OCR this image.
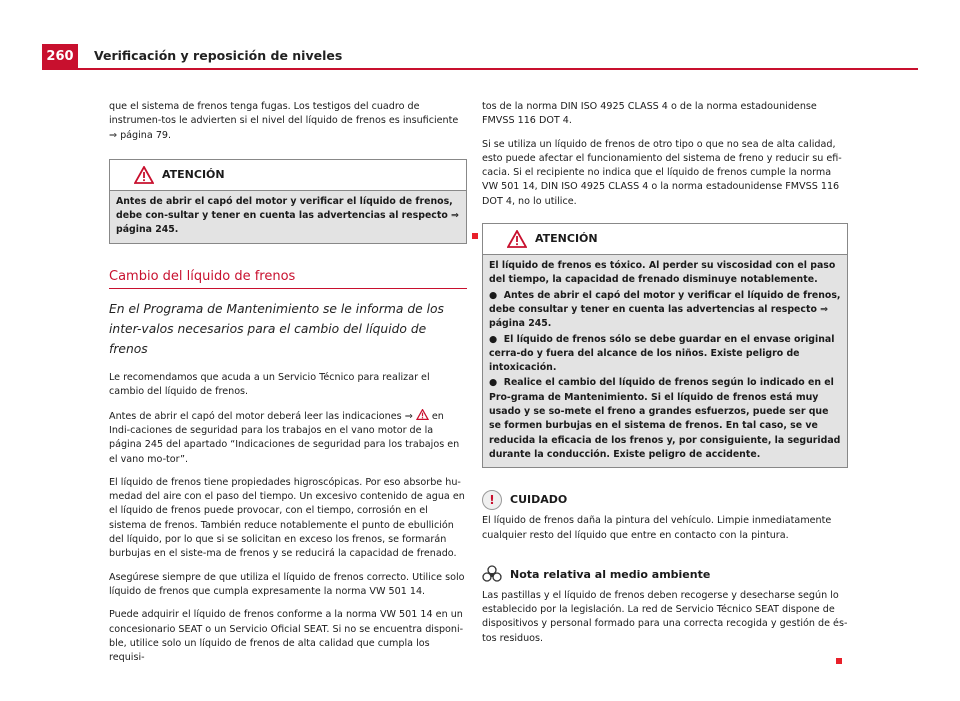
260	Verificación y reposición de niveles

que el sistema de frenos tenga fugas. Los testigos del cuadro de instrumen-tos le advierten si el nivel del líquido de frenos es insuficiente ⇒ página 79.

ATENCIÓN

Antes de abrir el capó del motor y verificar el líquido de frenos, debe con-sultar y tener en cuenta las advertencias al respecto ⇒ página 245.

Cambio del líquido de frenos
En el Programa de Mantenimiento se le informa de los inter-valos necesarios para el cambio del líquido de frenos

Le recomendamos que acuda a un Servicio Técnico para realizar el cambio del líquido de frenos.

Antes de abrir el capó del motor deberá leer las indicaciones ⇒ en Indi-caciones de seguridad para los trabajos en el vano motor de la página 245 del apartado “Indicaciones de seguridad para los trabajos en el vano mo-tor”.

El líquido de frenos tiene propiedades higroscópicas. Por eso absorbe hu-medad del aire con el paso del tiempo. Un excesivo contenido de agua en el líquido de frenos puede provocar, con el tiempo, corrosión en el sistema de frenos. También reduce notablemente el punto de ebullición del líquido, por lo que si se solicitan en exceso los frenos, se formarán burbujas en el siste-ma de frenos y se reducirá la capacidad de frenado.

Asegúrese siempre de que utiliza el líquido de frenos correcto. Utilice solo líquido de frenos que cumpla expresamente la norma VW 501 14.

Puede adquirir el líquido de frenos conforme a la norma VW 501 14 en un concesionario SEAT o un Servicio Oficial SEAT. Si no se encuentra disponi-ble, utilice solo un líquido de frenos de alta calidad que cumpla los requisi-

tos de la norma DIN ISO 4925 CLASS 4 o de la norma estadounidense FMVSS 116 DOT 4.

Si se utiliza un líquido de frenos de otro tipo o que no sea de alta calidad, esto puede afectar el funcionamiento del sistema de freno y reducir su efi-cacia. Si el recipiente no indica que el líquido de frenos cumple la norma VW 501 14, DIN ISO 4925 CLASS 4 o la norma estadounidense FMVSS 116 DOT 4, no lo utilice.

ATENCIÓN

El líquido de frenos es tóxico. Al perder su viscosidad con el paso del tiempo, la capacidad de frenado disminuye notablemente.

● Antes de abrir el capó del motor y verificar el líquido de frenos, debe consultar y tener en cuenta las advertencias al respecto ⇒ página 245.

● El líquido de frenos sólo se debe guardar en el envase original cerra-do y fuera del alcance de los niños. Existe peligro de intoxicación.

● Realice el cambio del líquido de frenos según lo indicado en el Pro-grama de Mantenimiento. Si el líquido de frenos está muy usado y se so-mete el freno a grandes esfuerzos, puede ser que se formen burbujas en el sistema de frenos. En tal caso, se ve reducida la eficacia de los frenos y, por consiguiente, la seguridad durante la conducción. Existe peligro de accidente.

!	CUIDADO

El líquido de frenos daña la pintura del vehículo. Limpie inmediatamente cualquier resto del líquido que entre en contacto con la pintura.

Nota relativa al medio ambiente

Las pastillas y el líquido de frenos deben recogerse y desecharse según lo establecido por la legislación. La red de Servicio Técnico SEAT dispone de dispositivos y personal formado para una correcta recogida y gestión de és-tos residuos.
